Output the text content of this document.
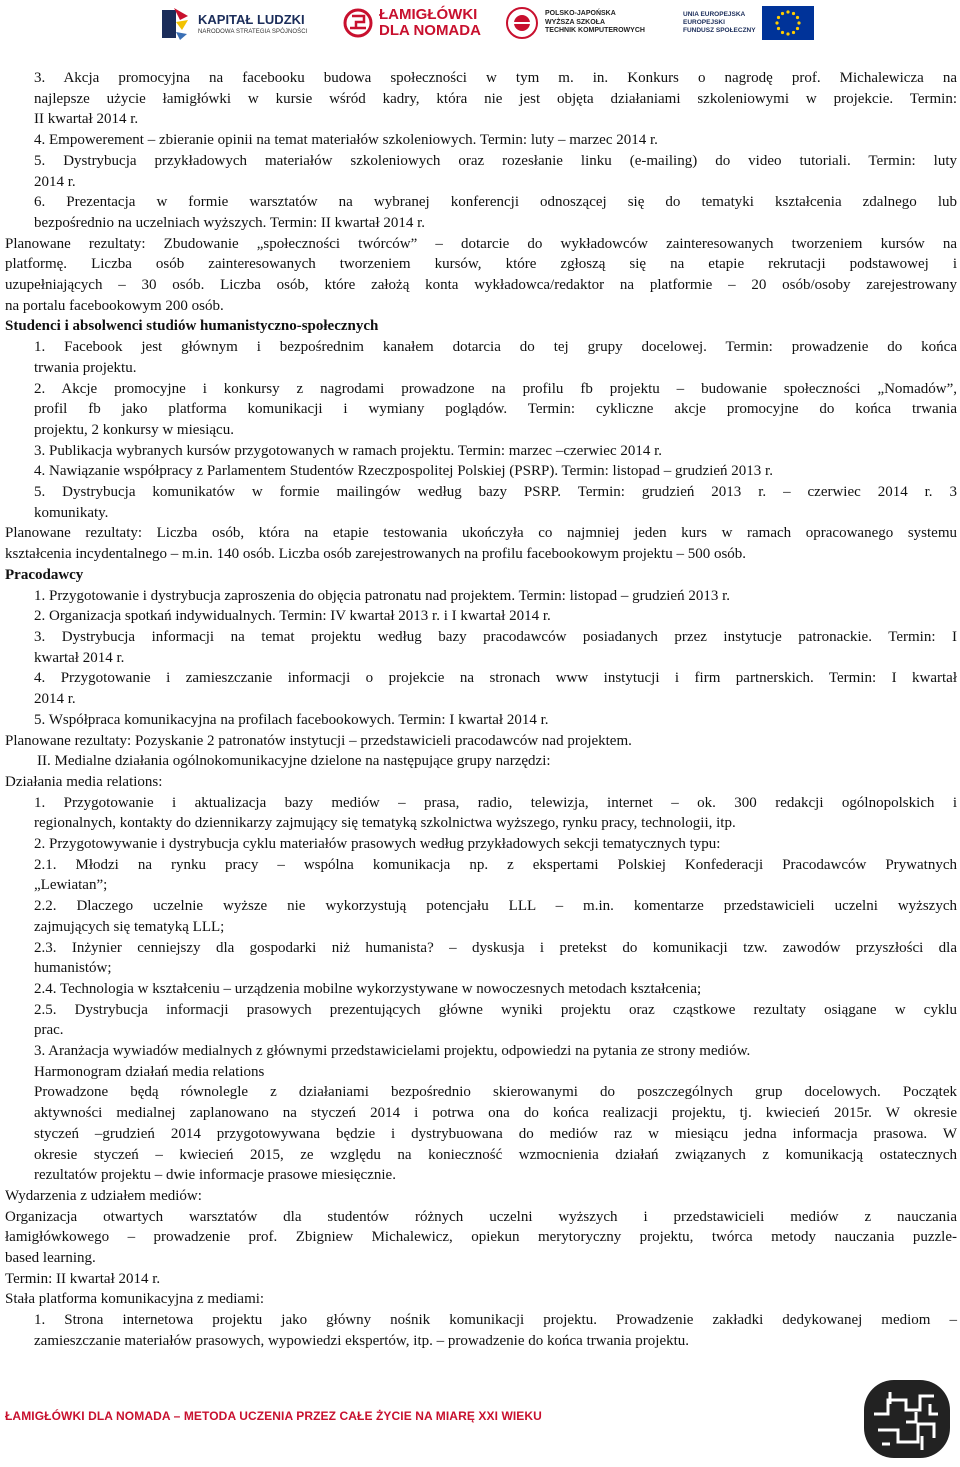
KAPITAŁ LUDZKI
NARODOWA STRATEGIA SPÓJNOŚCI
ŁAMIGŁÓWKI
DLA NOMADA
POLSKO-JAPOŃSKA
WYŻSZA SZKOŁA
TECHNIK KOMPUTEROWYCH
UNIA EUROPEJSKA
EUROPEJSKI
FUNDUSZ SPOŁECZNY
3. Akcja promocyjna na facebooku budowa społeczności w tym m. in. Konkurs o nagrodę prof. Michalewicza na
najlepsze użycie łamigłówki w kursie wśród kadry, która nie jest objęta działaniami szkoleniowymi w projekcie. Termin:
II kwartał 2014 r.
4. Empowerement – zbieranie opinii na temat materiałów szkoleniowych. Termin: luty – marzec 2014 r.
5. Dystrybucja przykładowych materiałów szkoleniowych oraz rozesłanie linku (e-mailing) do video tutoriali. Termin: luty
2014 r.
6. Prezentacja w formie warsztatów na wybranej konferencji odnoszącej się do tematyki kształcenia zdalnego lub
bezpośrednio na uczelniach wyższych. Termin: II kwartał 2014 r.
Planowane rezultaty: Zbudowanie „społeczności twórców” – dotarcie do wykładowców zainteresowanych tworzeniem kursów na
platformę. Liczba osób zainteresowanych tworzeniem kursów, które zgłoszą się na etapie rekrutacji podstawowej i
uzupełniających – 30 osób. Liczba osób, które założą konta wykładowca/redaktor na platformie – 20 osób/osoby zarejestrowany
na portalu facebookowym 200 osób.
Studenci i absolwenci studiów humanistyczno-społecznych
1. Facebook jest głównym i bezpośrednim kanałem dotarcia do tej grupy docelowej. Termin: prowadzenie do końca
trwania projektu.
2. Akcje promocyjne i konkursy z nagrodami prowadzone na profilu fb projektu – budowanie społeczności „Nomadów”,
profil fb jako platforma komunikacji i wymiany poglądów. Termin: cykliczne akcje promocyjne do końca trwania
projektu, 2 konkursy w miesiącu.
3. Publikacja wybranych kursów przygotowanych w ramach projektu. Termin: marzec –czerwiec 2014 r.
4. Nawiązanie współpracy z Parlamentem Studentów Rzeczpospolitej Polskiej (PSRP). Termin: listopad – grudzień 2013 r.
5. Dystrybucja komunikatów w formie mailingów według bazy PSRP. Termin: grudzień 2013 r. – czerwiec 2014 r. 3
komunikaty.
Planowane rezultaty: Liczba osób, która na etapie testowania ukończyła co najmniej jeden kurs w ramach opracowanego systemu
kształcenia incydentalnego – m.in. 140 osób. Liczba osób zarejestrowanych na profilu facebookowym projektu – 500 osób.
Pracodawcy
1. Przygotowanie i dystrybucja zaproszenia do objęcia patronatu nad projektem. Termin: listopad – grudzień 2013 r.
2. Organizacja spotkań indywidualnych. Termin: IV kwartał 2013 r. i I kwartał 2014 r.
3. Dystrybucja informacji na temat projektu według bazy pracodawców posiadanych przez instytucje patronackie. Termin: I
kwartał 2014 r.
4. Przygotowanie i zamieszczanie informacji o projekcie na stronach www instytucji i firm partnerskich. Termin: I kwartał
2014 r.
5. Współpraca komunikacyjna na profilach facebookowych. Termin: I kwartał 2014 r.
Planowane rezultaty: Pozyskanie 2 patronatów instytucji – przedstawicieli pracodawców nad projektem.
II. Medialne działania ogólnokomunikacyjne dzielone na następujące grupy narzędzi:
Działania media relations:
1. Przygotowanie i aktualizacja bazy mediów – prasa, radio, telewizja, internet – ok. 300 redakcji ogólnopolskich i
regionalnych, kontakty do dziennikarzy zajmujący się tematyką szkolnictwa wyższego, rynku pracy, technologii, itp.
2. Przygotowywanie i dystrybucja cyklu materiałów prasowych według przykładowych sekcji tematycznych typu:
2.1. Młodzi na rynku pracy – wspólna komunikacja np. z ekspertami Polskiej Konfederacji Pracodawców Prywatnych
„Lewiatan”;
2.2. Dlaczego uczelnie wyższe nie wykorzystują potencjału LLL – m.in. komentarze przedstawicieli uczelni wyższych
zajmujących się tematyką LLL;
2.3. Inżynier cenniejszy dla gospodarki niż humanista? – dyskusja i pretekst do komunikacji tzw. zawodów przyszłości dla
humanistów;
2.4. Technologia w kształceniu – urządzenia mobilne wykorzystywane w nowoczesnych metodach kształcenia;
2.5. Dystrybucja informacji prasowych prezentujących główne wyniki projektu oraz cząstkowe rezultaty osiągane w cyklu
prac.
3. Aranżacja wywiadów medialnych z głównymi przedstawicielami projektu, odpowiedzi na pytania ze strony mediów.
Harmonogram działań media relations
Prowadzone będą równolegle z działaniami bezpośrednio skierowanymi do poszczególnych grup docelowych. Początek
aktywności medialnej zaplanowano na styczeń 2014 i potrwa ona do końca realizacji projektu, tj. kwiecień 2015r. W okresie
styczeń –grudzień 2014 przygotowywana będzie i dystrybuowana do mediów raz w miesiącu jedna informacja prasowa. W
okresie styczeń – kwiecień 2015, ze względu na konieczność wzmocnienia działań związanych z komunikacją ostatecznych
rezultatów projektu – dwie informacje prasowe miesięcznie.
Wydarzenia z udziałem mediów:
Organizacja otwartych warsztatów dla studentów różnych uczelni wyższych i przedstawicieli mediów z nauczania
łamigłówkowego – prowadzenie prof. Zbigniew Michalewicz, opiekun merytoryczny projektu, twórca metody nauczania puzzle-
based learning.
Termin: II kwartał 2014 r.
Stała platforma komunikacyjna z mediami:
1. Strona internetowa projektu jako główny nośnik komunikacji projektu. Prowadzenie zakładki dedykowanej mediom –
zamieszczanie materiałów prasowych, wypowiedzi ekspertów, itp. – prowadzenie do końca trwania projektu.
ŁAMIGŁÓWKI DLA NOMADA – METODA UCZENIA PRZEZ CAŁE ŻYCIE NA MIARĘ XXI WIEKU
